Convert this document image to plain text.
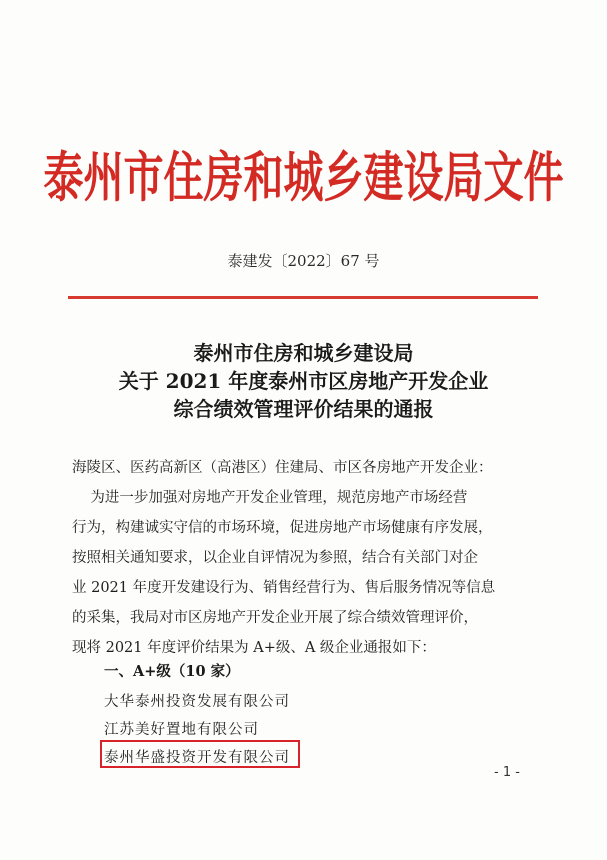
泰州市住房和城乡建设局文件
泰建发〔2022〕67 号
泰州市住房和城乡建设局
关于 2021 年度泰州市区房地产开发企业
综合绩效管理评价结果的通报
海陵区、医药高新区（高港区）住建局、市区各房地产开发企业：
为进一步加强对房地产开发企业管理，规范房地产市场经营
行为，构建诚实守信的市场环境，促进房地产市场健康有序发展，
按照相关通知要求，以企业自评情况为参照，结合有关部门对企
业 2021 年度开发建设行为、销售经营行为、售后服务情况等信息
的采集，我局对市区房地产开发企业开展了综合绩效管理评价，
现将 2021 年度评价结果为 A+级、A 级企业通报如下：
一、A+级（10 家）
大华泰州投资发展有限公司
江苏美好置地有限公司
泰州华盛投资开发有限公司
- 1 -
